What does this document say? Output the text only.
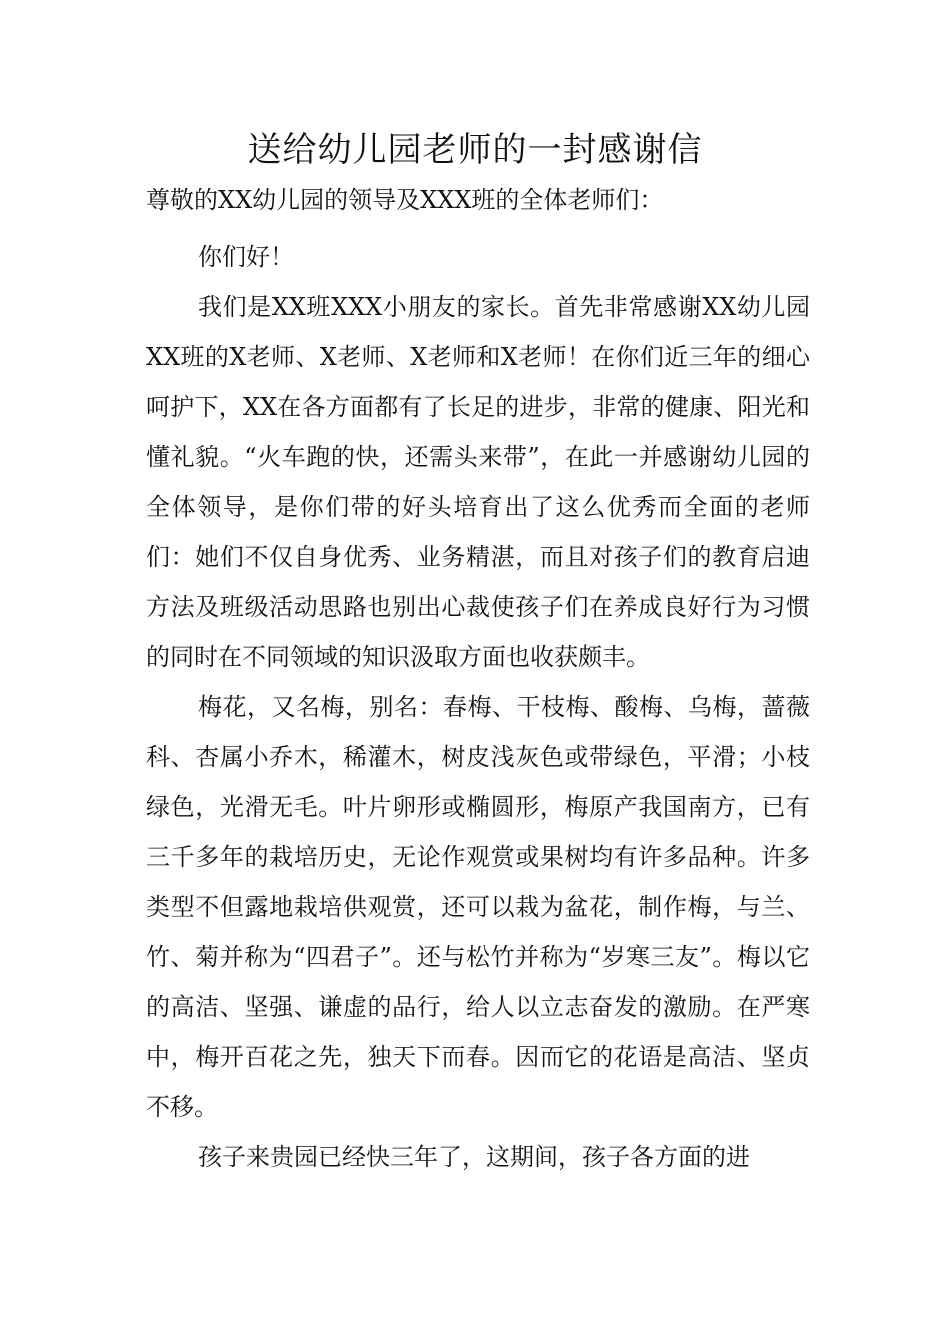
送给幼儿园老师的一封感谢信

尊敬的XX幼儿园的领导及XXX班的全体老师们：

你们好！

我们是XX班XXX小朋友的家长。首先非常感谢XX幼儿园XX班的X老师、X老师、X老师和X老师！在你们近三年的细心呵护下，XX在各方面都有了长足的进步，非常的健康、阳光和懂礼貌。“火车跑的快，还需头来带”，在此一并感谢幼儿园的全体领导，是你们带的好头培育出了这么优秀而全面的老师们：她们不仅自身优秀、业务精湛，而且对孩子们的教育启迪方法及班级活动思路也别出心裁使孩子们在养成良好行为习惯的同时在不同领域的知识汲取方面也收获颇丰。

梅花，又名梅，别名：春梅、干枝梅、酸梅、乌梅，蔷薇科、杏属小乔木，稀灌木，树皮浅灰色或带绿色，平滑；小枝绿色，光滑无毛。叶片卵形或椭圆形，梅原产我国南方，已有三千多年的栽培历史，无论作观赏或果树均有许多品种。许多类型不但露地栽培供观赏，还可以栽为盆花，制作梅，与兰、竹、菊并称为“四君子”。还与松竹并称为“岁寒三友”。梅以它的高洁、坚强、谦虚的品行，给人以立志奋发的激励。在严寒中，梅开百花之先，独天下而春。因而它的花语是高洁、坚贞不移。

孩子来贵园已经快三年了，这期间，孩子各方面的进
